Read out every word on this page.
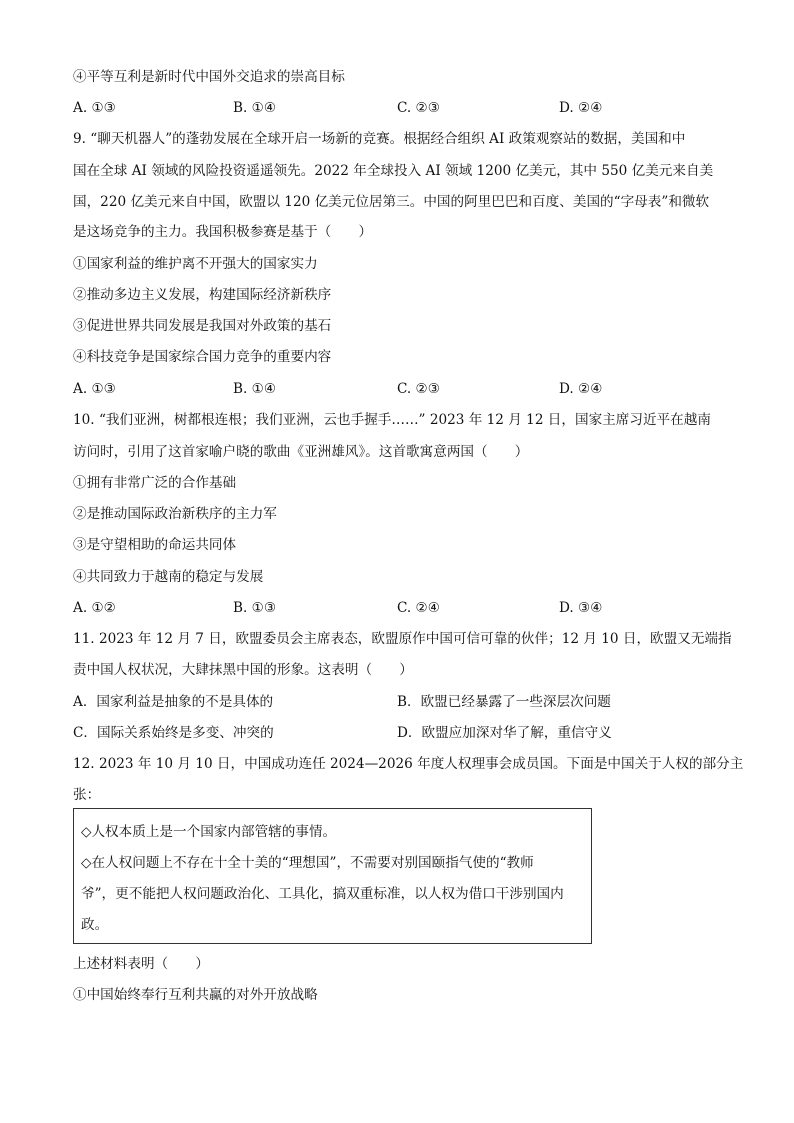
④平等互利是新时代中国外交追求的崇高目标
A. ①③	B. ①④	C. ②③	D. ②④
9. “聊天机器人”的蓬勃发展在全球开启一场新的竞赛。根据经合组织 AI 政策观察站的数据，美国和中
国在全球 AI 领域的风险投资遥遥领先。2022 年全球投入 AI 领域 1200 亿美元，其中 550 亿美元来自美
国，220 亿美元来自中国，欧盟以 120 亿美元位居第三。中国的阿里巴巴和百度、美国的“字母表”和微软
是这场竞争的主力。我国积极参赛是基于（　　）
①国家利益的维护离不开强大的国家实力
②推动多边主义发展，构建国际经济新秩序
③促进世界共同发展是我国对外政策的基石
④科技竞争是国家综合国力竞争的重要内容
A. ①③	B. ①④	C. ②③	D. ②④
10. “我们亚洲，树都根连根；我们亚洲，云也手握手……” 2023 年 12 月 12 日，国家主席习近平在越南
访问时，引用了这首家喻户晓的歌曲《亚洲雄风》。这首歌寓意两国（　　）
①拥有非常广泛的合作基础
②是推动国际政治新秩序的主力军
③是守望相助的命运共同体
④共同致力于越南的稳定与发展
A. ①②	B. ①③	C. ②④	D. ③④
11. 2023 年 12 月 7 日，欧盟委员会主席表态，欧盟原作中国可信可靠的伙伴；12 月 10 日，欧盟又无端指
责中国人权状况，大肆抹黑中国的形象。这表明（　　）
A．国家利益是抽象的不是具体的	B．欧盟已经暴露了一些深层次问题
C．国际关系始终是多变、冲突的	D．欧盟应加深对华了解，重信守义
12. 2023 年 10 月 10 日，中国成功连任 2024—2026 年度人权理事会成员国。下面是中国关于人权的部分主
张：
◇人权本质上是一个国家内部管辖的事情。
◇在人权问题上不存在十全十美的“理想国”，不需要对别国颐指气使的“教师
爷”，更不能把人权问题政治化、工具化，搞双重标准，以人权为借口干涉别国内
政。
上述材料表明（　　）
①中国始终奉行互利共赢的对外开放战略
